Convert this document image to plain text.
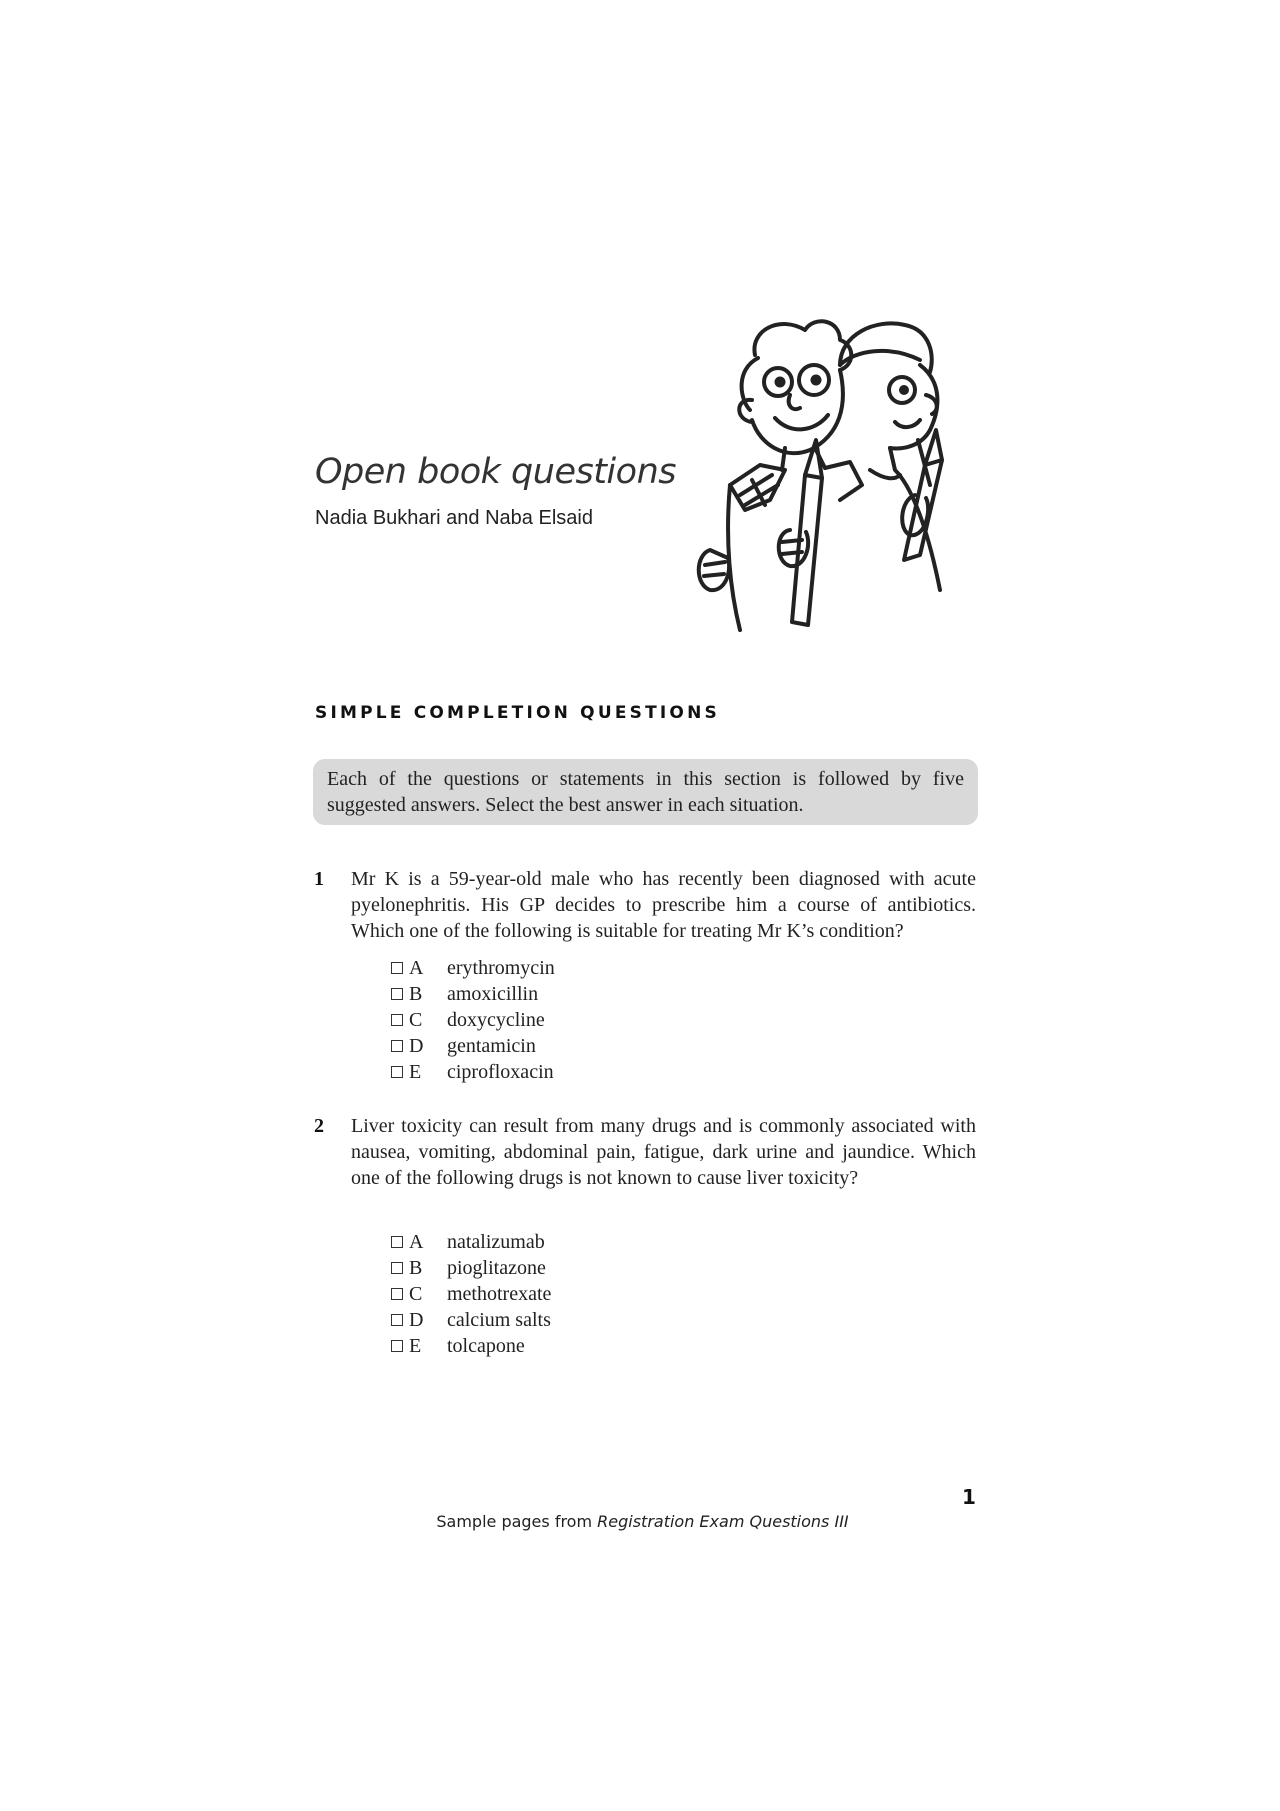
Open book questions
Nadia Bukhari and Naba Elsaid
SIMPLE COMPLETION QUESTIONS
Each of the questions or statements in this section is followed by five suggested answers. Select the best answer in each situation.
1 Mr K is a 59-year-old male who has recently been diagnosed with acute pyelonephritis. His GP decides to prescribe him a course of antibiotics. Which one of the following is suitable for treating Mr K’s condition?
A	erythromycin
B	amoxicillin
C	doxycycline
D	gentamicin
E	ciprofloxacin
2 Liver toxicity can result from many drugs and is commonly associated with nausea, vomiting, abdominal pain, fatigue, dark urine and jaundice. Which one of the following drugs is not known to cause liver toxicity?
A	natalizumab
B	pioglitazone
C	methotrexate
D	calcium salts
E	tolcapone
1
Sample pages from Registration Exam Questions III
